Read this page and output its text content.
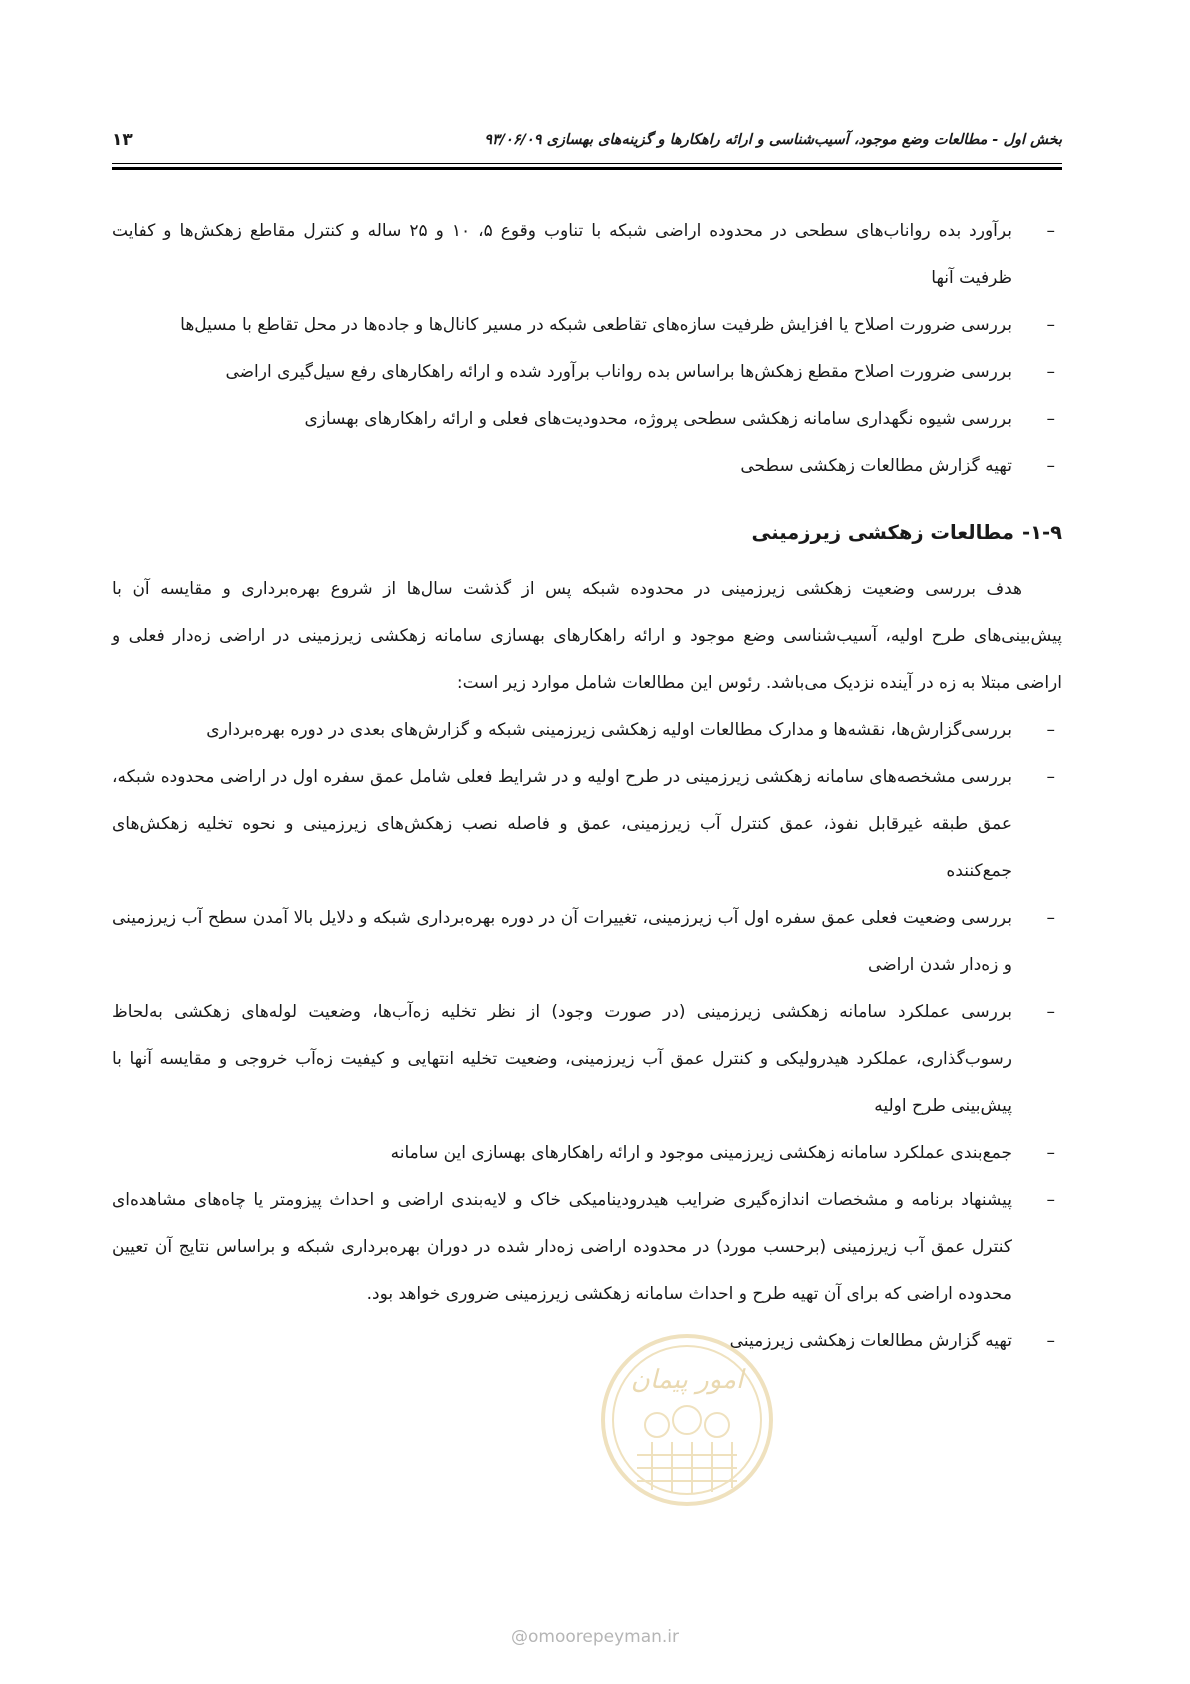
بخش اول - مطالعات وضع موجود، آسیب‌شناسی و ارائه راهکارها و گزینه‌های بهسازی ۹۳/۰۶/۰۹
۱۳
–
برآورد بده رواناب‌های سطحی در محدوده اراضی شبکه با تناوب وقوع ۵، ۱۰ و ۲۵ ساله و کنترل مقاطع زهکش‌ها و کفایت ظرفیت آنها
–
بررسی ضرورت اصلاح یا افزایش ظرفیت سازه‌های تقاطعی شبکه در مسیر کانال‌ها و جاده‌ها در محل تقاطع با مسیل‌ها
–
بررسی ضرورت اصلاح مقطع زهکش‌ها براساس بده رواناب برآورد شده و ارائه راهکارهای رفع سیل‌گیری اراضی
–
بررسی شیوه نگهداری سامانه زهکشی سطحی پروژه، محدودیت‌های فعلی و ارائه راهکارهای بهسازی
–
تهیه گزارش مطالعات زهکشی سطحی
۱-۹-مطالعات زهکشی زیرزمینی
هدف بررسی وضعیت زهکشی زیرزمینی در محدوده شبکه پس از گذشت سال‌ها از شروع بهره‌برداری و مقایسه آن با پیش‌بینی‌های طرح اولیه، آسیب‌شناسی وضع موجود و ارائه راهکارهای بهسازی سامانه زهکشی زیرزمینی در اراضی زه‌دار فعلی و اراضی مبتلا به زه در آینده نزدیک می‌باشد. رئوس این مطالعات شامل موارد زیر است:
–
بررسی‌گزارش‌ها، نقشه‌ها و مدارک مطالعات اولیه زهکشی زیرزمینی شبکه و گزارش‌های بعدی در دوره بهره‌برداری
–
بررسی مشخصه‌های سامانه زهکشی زیرزمینی در طرح اولیه و در شرایط فعلی شامل عمق سفره اول در اراضی محدوده شبکه، عمق طبقه غیرقابل نفوذ، عمق کنترل آب زیرزمینی، عمق و فاصله نصب زهکش‌های زیرزمینی و نحوه تخلیه زهکش‌های جمع‌کننده
–
بررسی وضعیت فعلی عمق سفره اول آب زیرزمینی، تغییرات آن در دوره بهره‌برداری شبکه و دلایل بالا آمدن سطح آب زیرزمینی و زه‌دار شدن اراضی
–
بررسی عملکرد سامانه زهکشی زیرزمینی (در صورت وجود) از نظر تخلیه زه‌آب‌ها، وضعیت لوله‌های زهکشی به‌لحاظ رسوب‌گذاری، عملکرد هیدرولیکی و کنترل عمق آب زیرزمینی، وضعیت تخلیه انتهایی و کیفیت زه‌آب خروجی و مقایسه آنها با پیش‌بینی طرح اولیه
–
جمع‌بندی عملکرد سامانه زهکشی زیرزمینی موجود و ارائه راهکارهای بهسازی این سامانه
–
پیشنهاد برنامه و مشخصات اندازه‌گیری ضرایب هیدرودینامیکی خاک و لایه‌بندی اراضی و احداث پیزومتر یا چاه‌های مشاهده‌ای کنترل عمق آب زیرزمینی (برحسب مورد) در محدوده اراضی زه‌دار شده در دوران بهره‌برداری شبکه و براساس نتایج آن تعیین محدوده اراضی که برای آن تهیه طرح و احداث سامانه زهکشی زیرزمینی ضروری خواهد بود.
–
تهیه گزارش مطالعات زهکشی زیرزمینی
امور پیمان
@omoorepeyman.ir
